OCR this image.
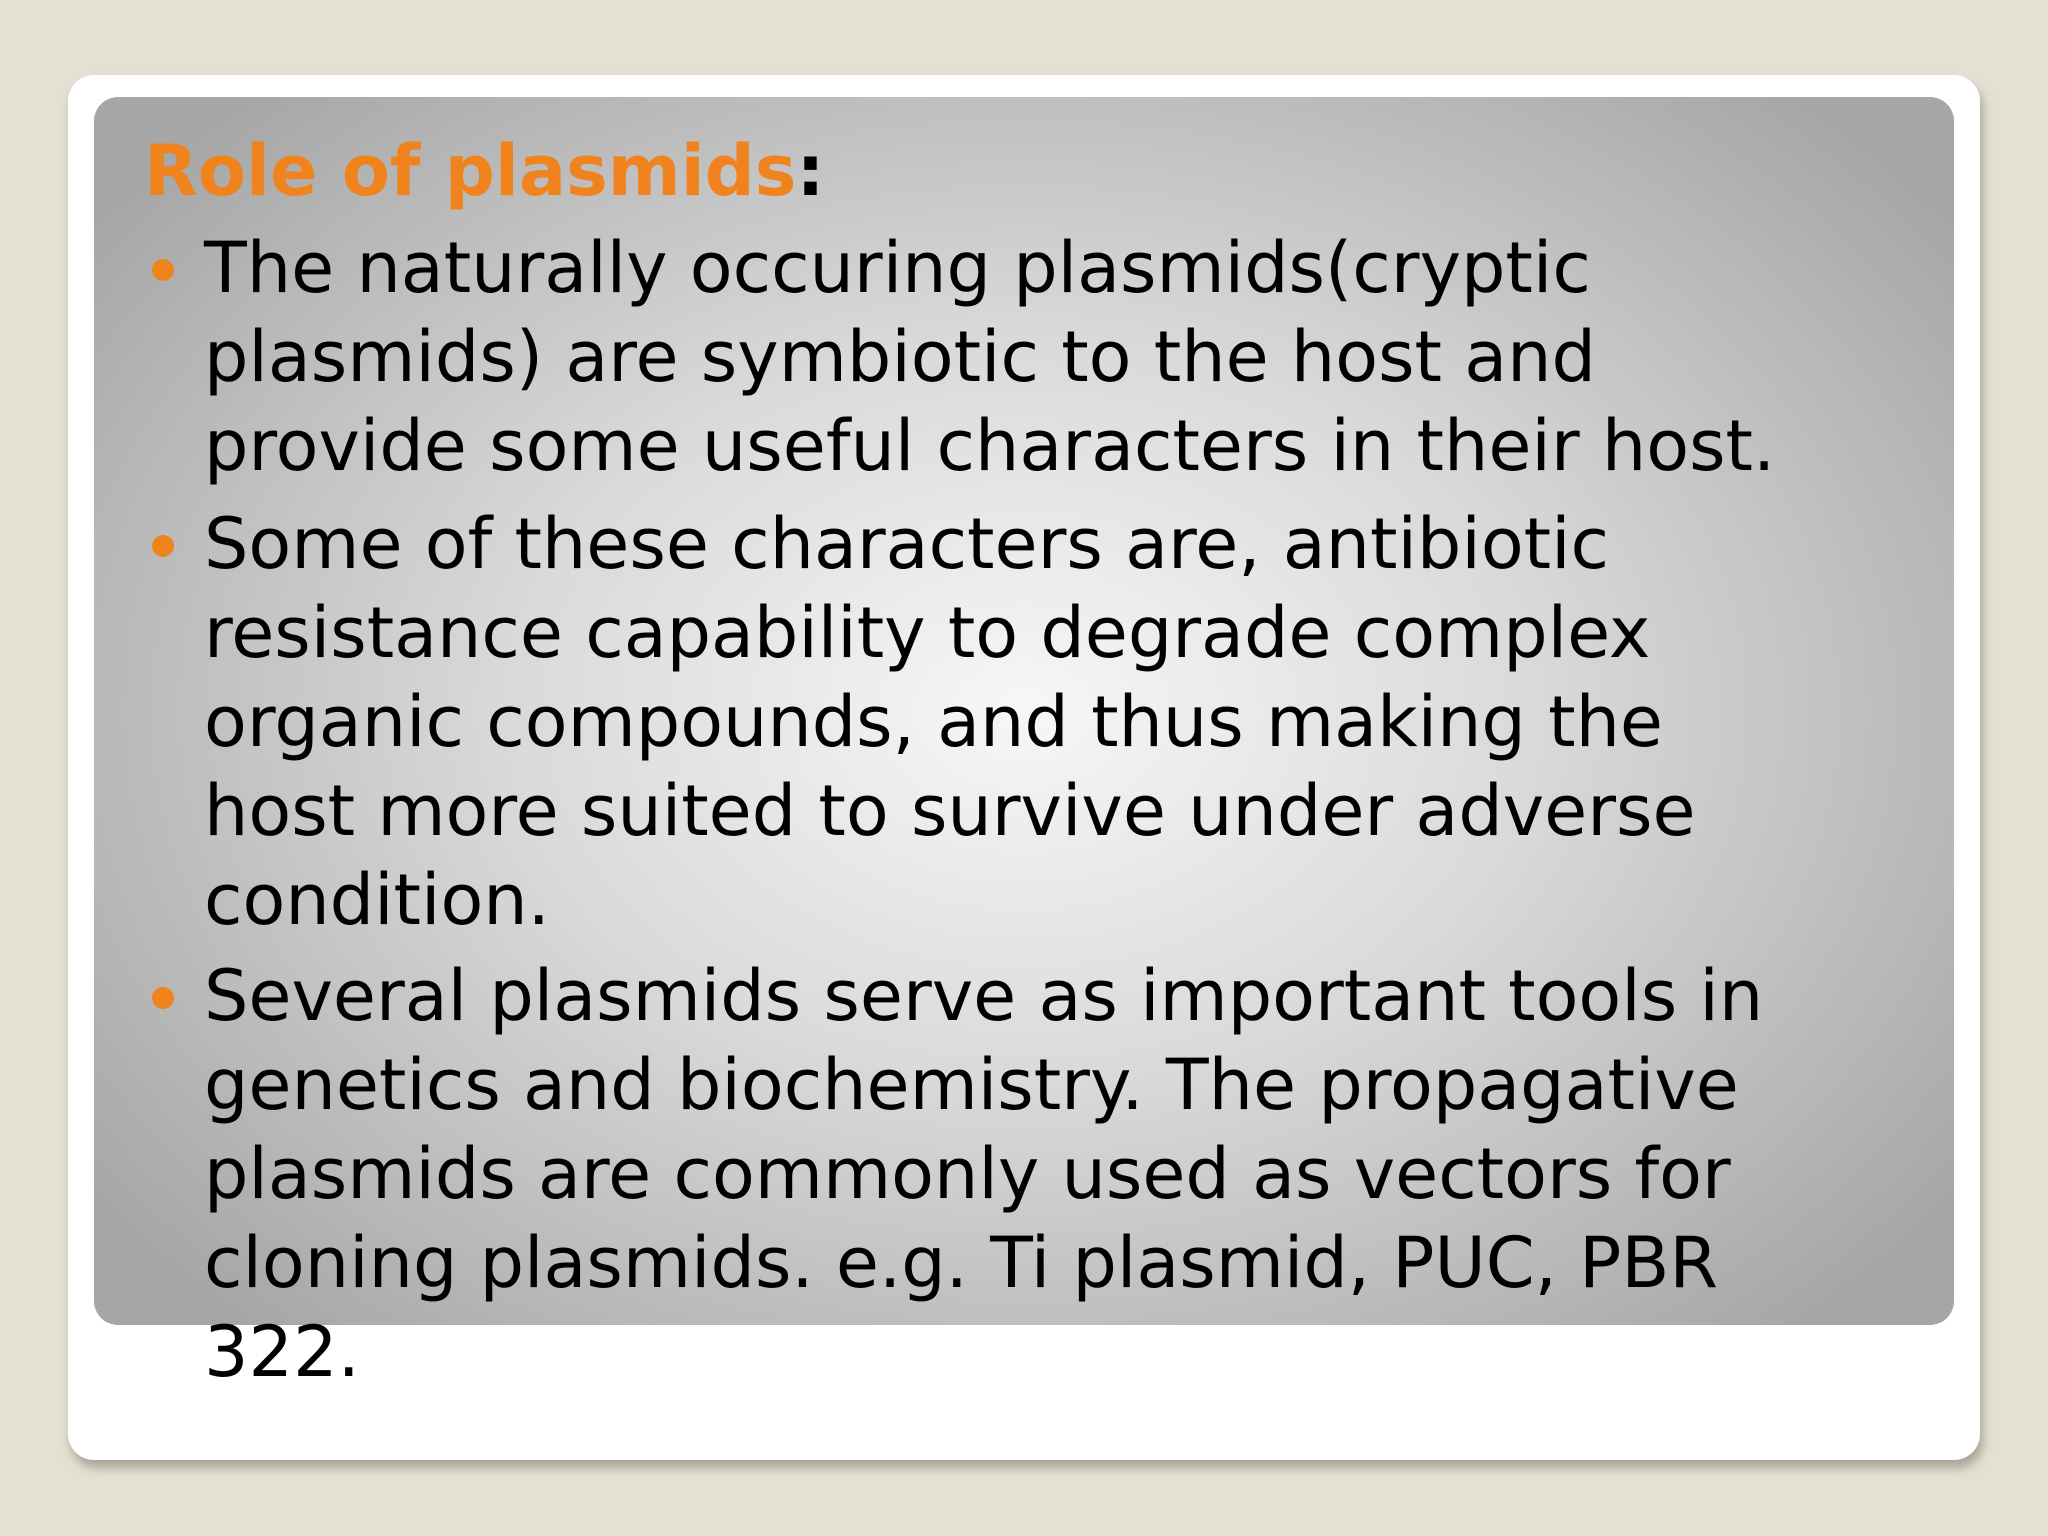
Role of plasmids:
The naturally occuring plasmids(cryptic
plasmids) are symbiotic to the host and
provide some useful characters in their host.
Some of these characters are, antibiotic
resistance capability to degrade complex
organic compounds, and thus making the
host more suited to survive under adverse
condition.
Several plasmids serve as important tools in
genetics and biochemistry. The propagative
plasmids are commonly used as vectors for
cloning plasmids. e.g. Ti plasmid, PUC, PBR
322.
